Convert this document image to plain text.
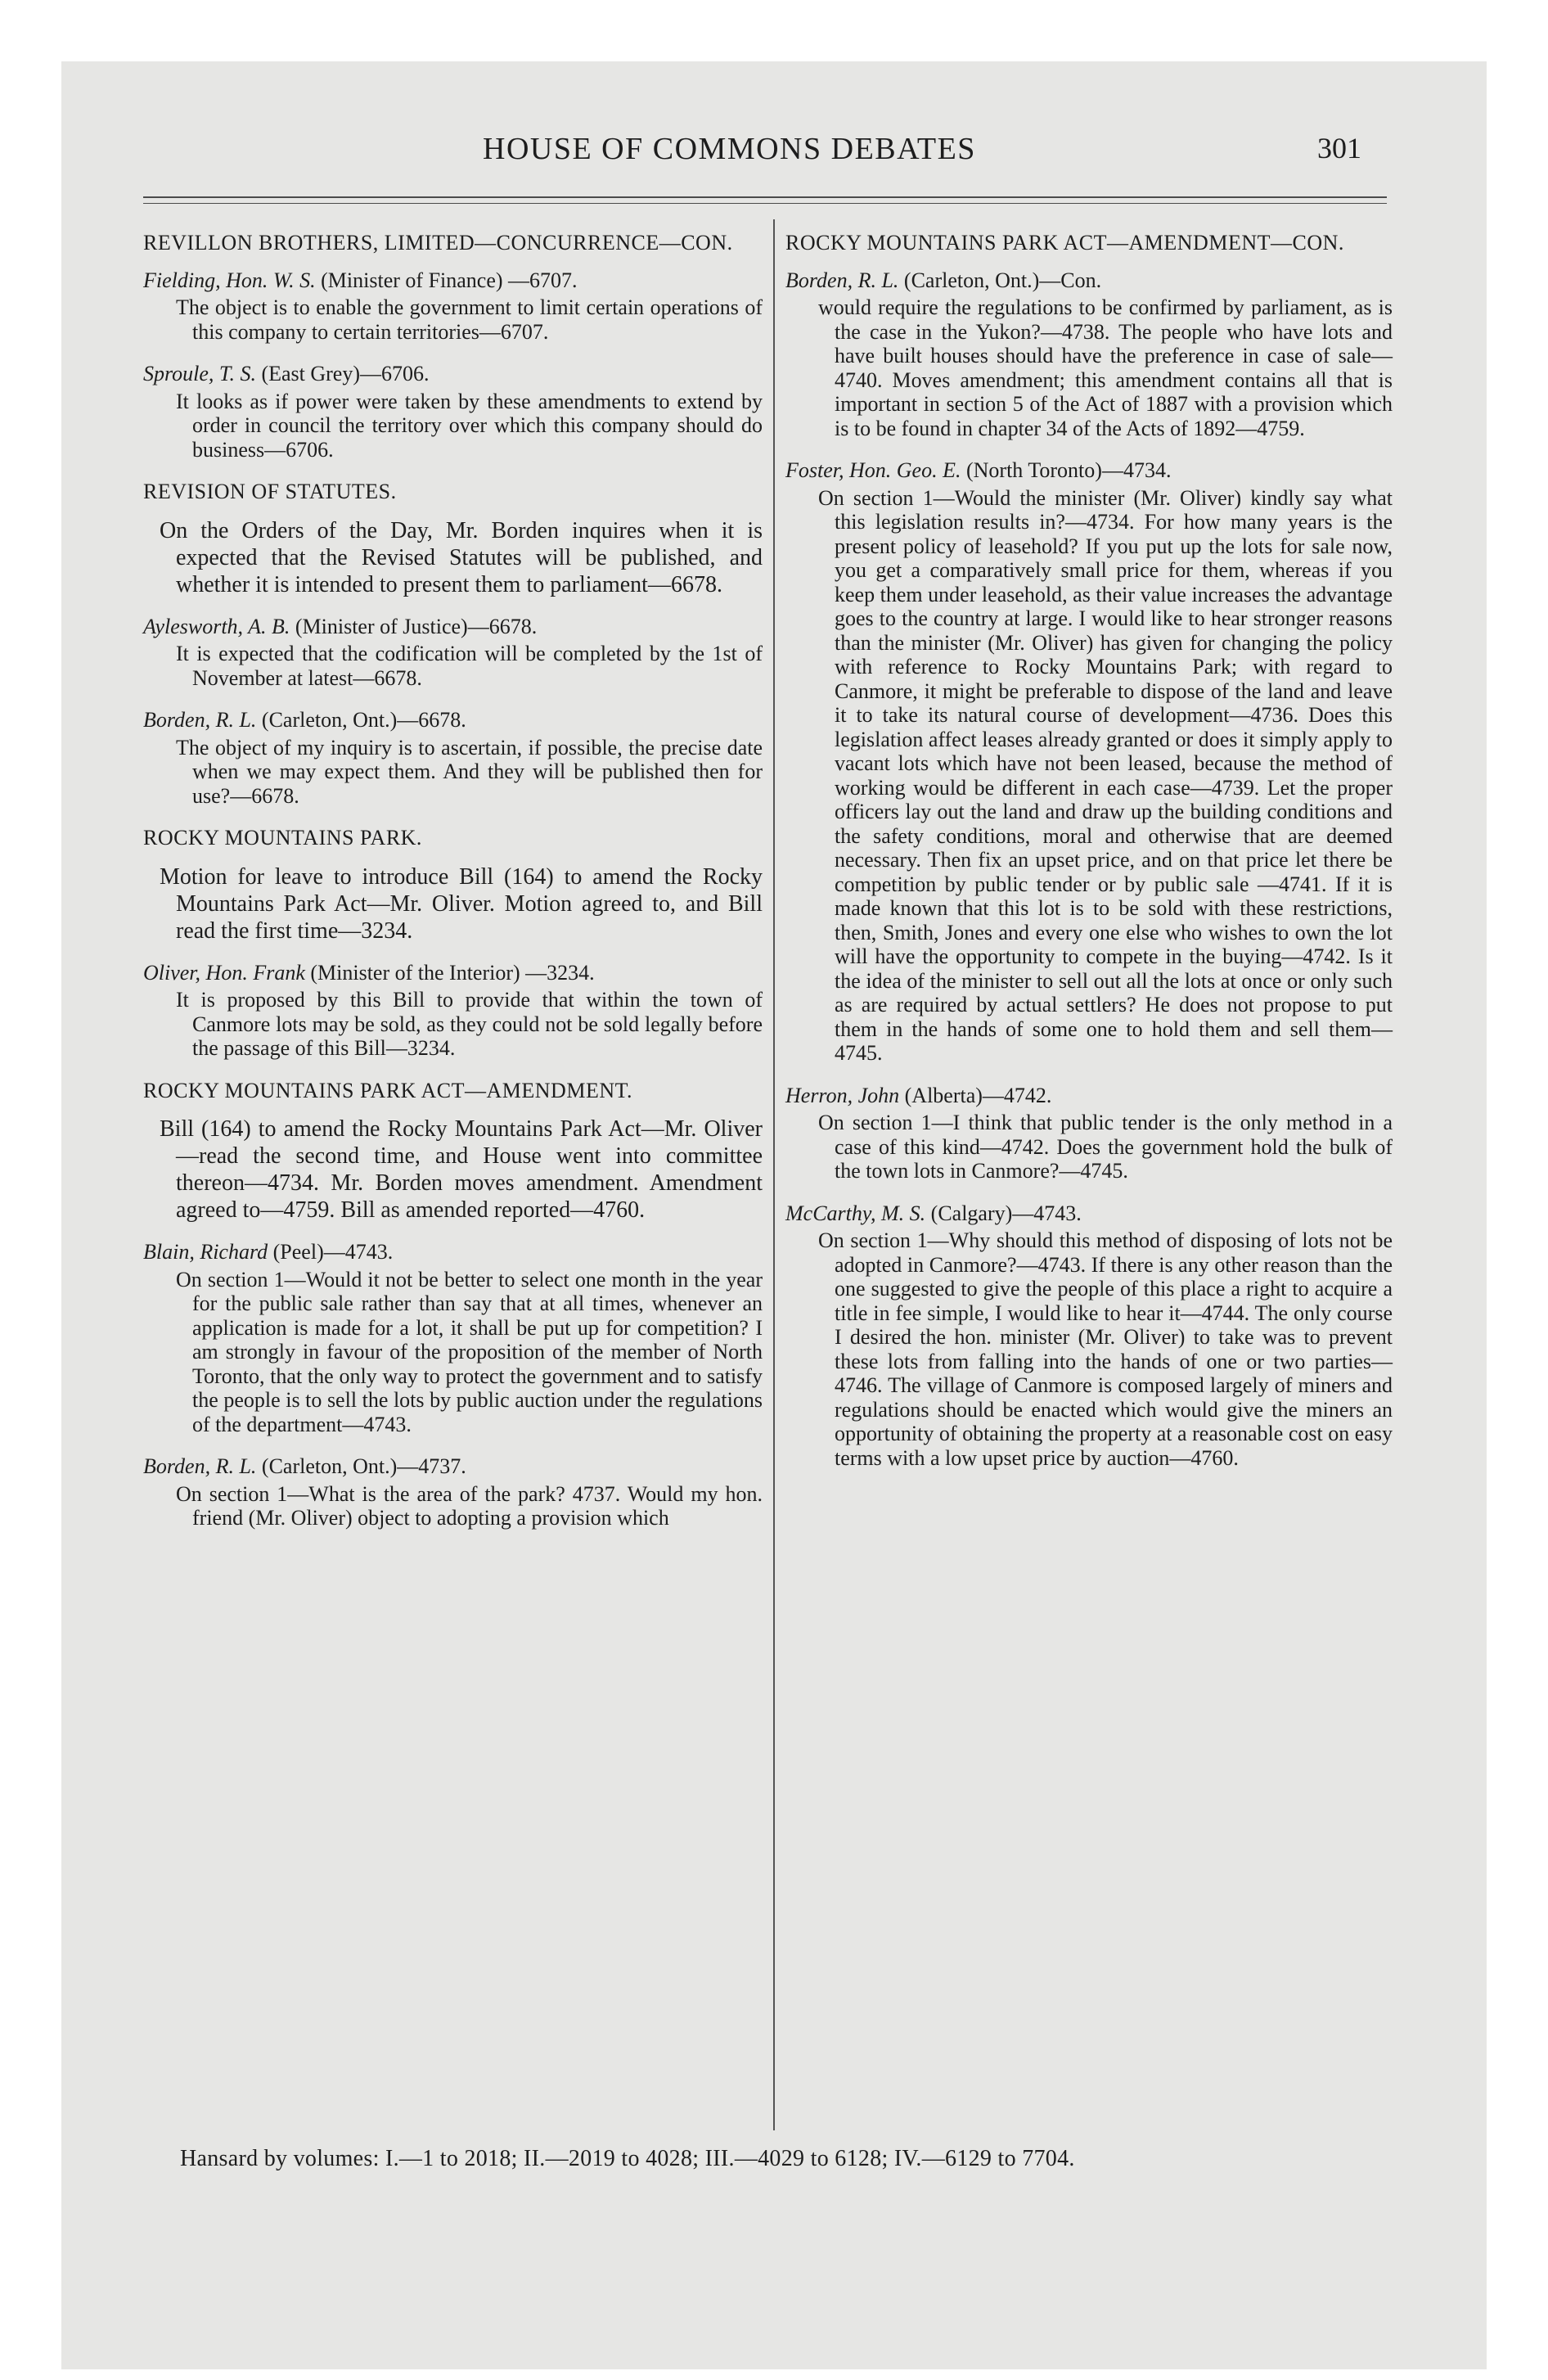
HOUSE OF COMMONS DEBATES	301
REVILLON BROTHERS, LIMITED—CONCURRENCE—CON.
Fielding, Hon. W. S. (Minister of Finance) —6707.
The object is to enable the government to limit certain operations of this company to certain territories—6707.
Sproule, T. S. (East Grey)—6706.
It looks as if power were taken by these amendments to extend by order in council the territory over which this company should do business—6706.
REVISION OF STATUTES.
On the Orders of the Day, Mr. Borden inquires when it is expected that the Revised Statutes will be published, and whether it is intended to present them to parliament—6678.
Aylesworth, A. B. (Minister of Justice)—6678.
It is expected that the codification will be completed by the 1st of November at latest—6678.
Borden, R. L. (Carleton, Ont.)—6678.
The object of my inquiry is to ascertain, if possible, the precise date when we may expect them. And they will be published then for use?—6678.
ROCKY MOUNTAINS PARK.
Motion for leave to introduce Bill (164) to amend the Rocky Mountains Park Act—Mr. Oliver. Motion agreed to, and Bill read the first time—3234.
Oliver, Hon. Frank (Minister of the Interior) —3234.
It is proposed by this Bill to provide that within the town of Canmore lots may be sold, as they could not be sold legally before the passage of this Bill—3234.
ROCKY MOUNTAINS PARK ACT—AMENDMENT.
Bill (164) to amend the Rocky Mountains Park Act—Mr. Oliver—read the second time, and House went into committee thereon—4734. Mr. Borden moves amendment. Amendment agreed to—4759. Bill as amended reported—4760.
Blain, Richard (Peel)—4743.
On section 1—Would it not be better to select one month in the year for the public sale rather than say that at all times, whenever an application is made for a lot, it shall be put up for competition? I am strongly in favour of the proposition of the member of North Toronto, that the only way to protect the government and to satisfy the people is to sell the lots by public auction under the regulations of the department—4743.
Borden, R. L. (Carleton, Ont.)—4737.
On section 1—What is the area of the park? 4737. Would my hon. friend (Mr. Oliver) object to adopting a provision which
ROCKY MOUNTAINS PARK ACT—AMENDMENT—CON.
Borden, R. L. (Carleton, Ont.)—Con.
would require the regulations to be confirmed by parliament, as is the case in the Yukon?—4738. The people who have lots and have built houses should have the preference in case of sale—4740. Moves amendment; this amendment contains all that is important in section 5 of the Act of 1887 with a provision which is to be found in chapter 34 of the Acts of 1892—4759.
Foster, Hon. Geo. E. (North Toronto)—4734.
On section 1—Would the minister (Mr. Oliver) kindly say what this legislation results in?—4734. For how many years is the present policy of leasehold? If you put up the lots for sale now, you get a comparatively small price for them, whereas if you keep them under leasehold, as their value increases the advantage goes to the country at large. I would like to hear stronger reasons than the minister (Mr. Oliver) has given for changing the policy with reference to Rocky Mountains Park; with regard to Canmore, it might be preferable to dispose of the land and leave it to take its natural course of development—4736. Does this legislation affect leases already granted or does it simply apply to vacant lots which have not been leased, because the method of working would be different in each case—4739. Let the proper officers lay out the land and draw up the building conditions and the safety conditions, moral and otherwise that are deemed necessary. Then fix an upset price, and on that price let there be competition by public tender or by public sale —4741. If it is made known that this lot is to be sold with these restrictions, then, Smith, Jones and every one else who wishes to own the lot will have the opportunity to compete in the buying—4742. Is it the idea of the minister to sell out all the lots at once or only such as are required by actual settlers? He does not propose to put them in the hands of some one to hold them and sell them—4745.
Herron, John (Alberta)—4742.
On section 1—I think that public tender is the only method in a case of this kind—4742. Does the government hold the bulk of the town lots in Canmore?—4745.
McCarthy, M. S. (Calgary)—4743.
On section 1—Why should this method of disposing of lots not be adopted in Canmore?—4743. If there is any other reason than the one suggested to give the people of this place a right to acquire a title in fee simple, I would like to hear it—4744. The only course I desired the hon. minister (Mr. Oliver) to take was to prevent these lots from falling into the hands of one or two parties—4746. The village of Canmore is composed largely of miners and regulations should be enacted which would give the miners an opportunity of obtaining the property at a reasonable cost on easy terms with a low upset price by auction—4760.
Hansard by volumes: I.—1 to 2018; II.—2019 to 4028; III.—4029 to 6128; IV.—6129 to 7704.
